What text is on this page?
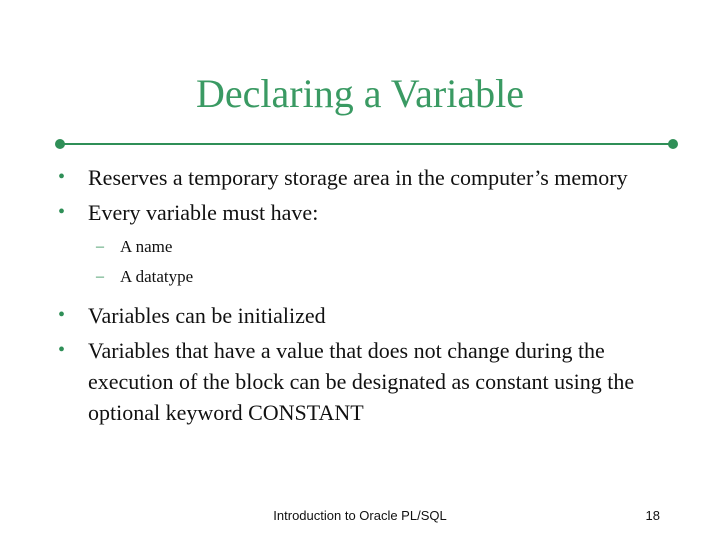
Declaring a Variable
•	Reserves a temporary storage area in the computer’s memory
•	Every variable must have:
– A name
– A datatype
•	Variables can be initialized
•	Variables that have a value that does not change during the execution of the block can be designated as constant using the optional keyword CONSTANT
Introduction to Oracle PL/SQL	18
